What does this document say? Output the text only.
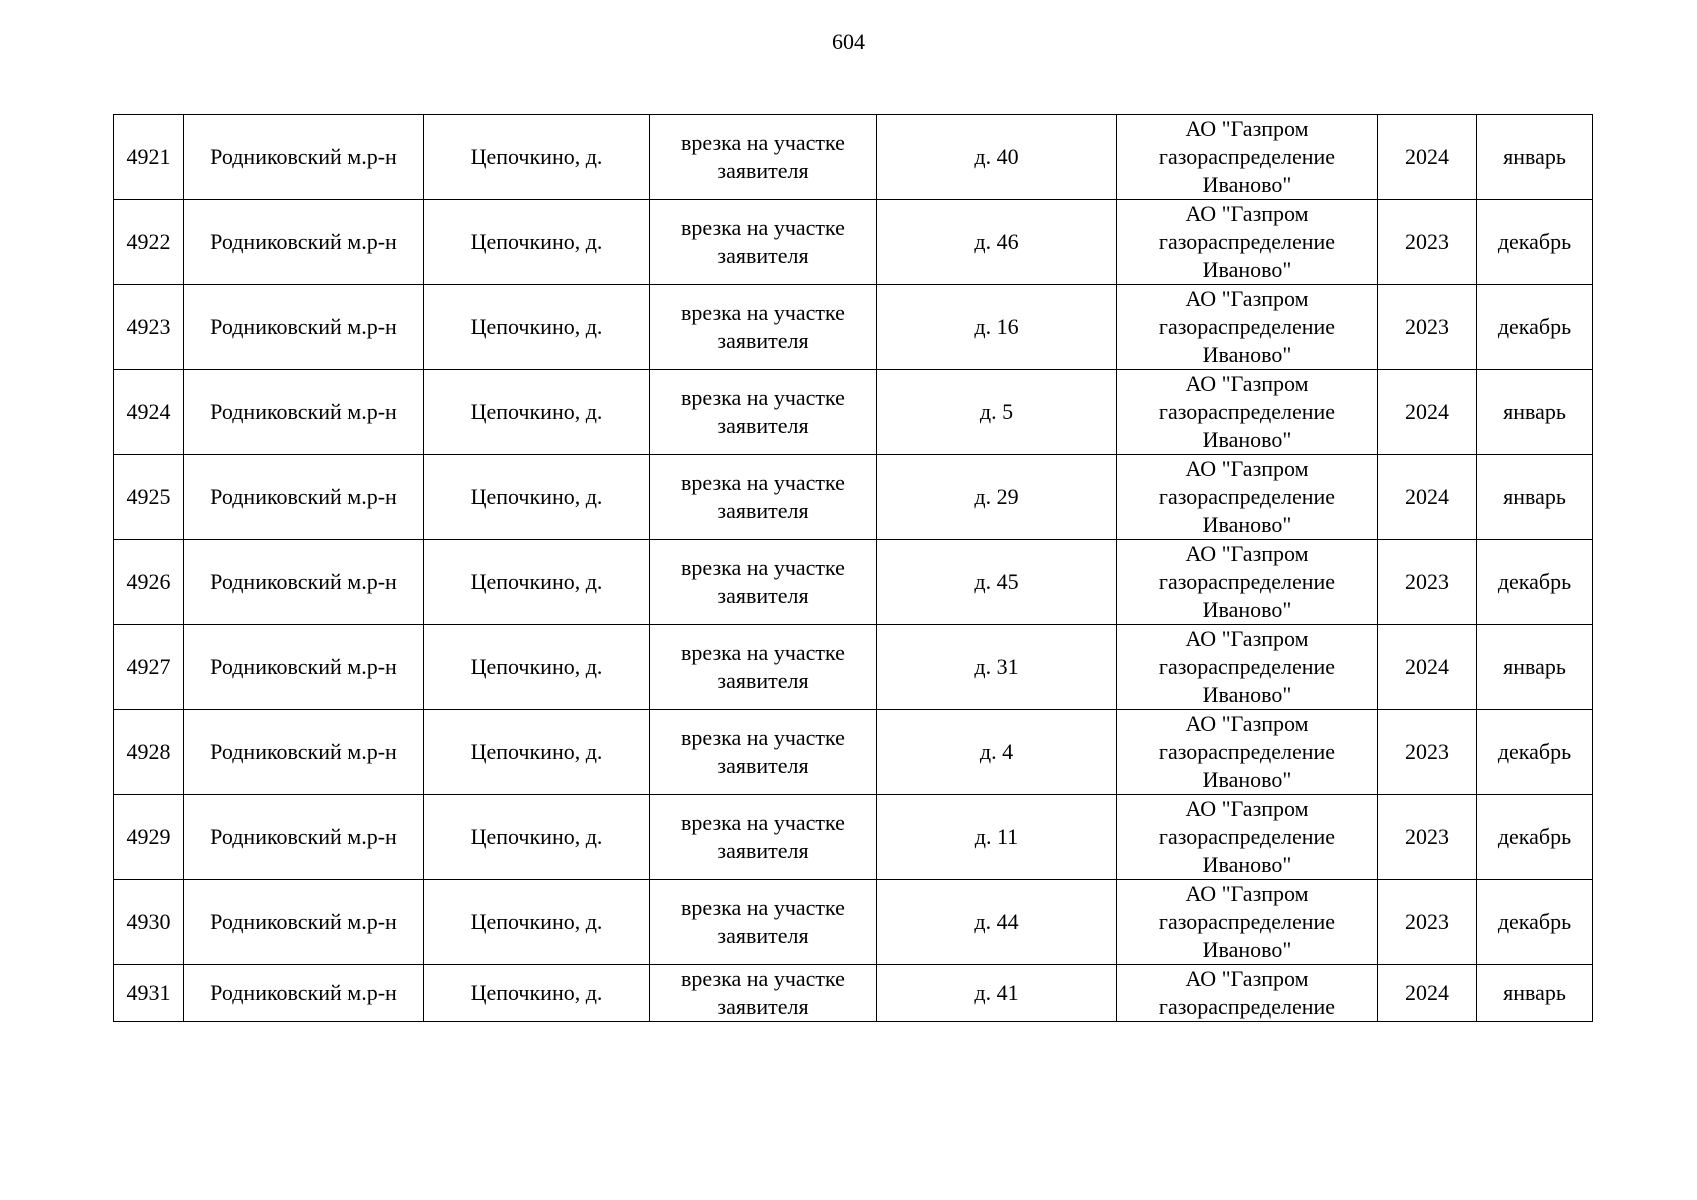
604
4921	Родниковский м.р-н	Цепочкино, д.	врезка на участке заявителя	д. 40	АО "Газпром газораспределение Иваново"	2024	январь
4922	Родниковский м.р-н	Цепочкино, д.	врезка на участке заявителя	д. 46	АО "Газпром газораспределение Иваново"	2023	декабрь
4923	Родниковский м.р-н	Цепочкино, д.	врезка на участке заявителя	д. 16	АО "Газпром газораспределение Иваново"	2023	декабрь
4924	Родниковский м.р-н	Цепочкино, д.	врезка на участке заявителя	д. 5	АО "Газпром газораспределение Иваново"	2024	январь
4925	Родниковский м.р-н	Цепочкино, д.	врезка на участке заявителя	д. 29	АО "Газпром газораспределение Иваново"	2024	январь
4926	Родниковский м.р-н	Цепочкино, д.	врезка на участке заявителя	д. 45	АО "Газпром газораспределение Иваново"	2023	декабрь
4927	Родниковский м.р-н	Цепочкино, д.	врезка на участке заявителя	д. 31	АО "Газпром газораспределение Иваново"	2024	январь
4928	Родниковский м.р-н	Цепочкино, д.	врезка на участке заявителя	д. 4	АО "Газпром газораспределение Иваново"	2023	декабрь
4929	Родниковский м.р-н	Цепочкино, д.	врезка на участке заявителя	д. 11	АО "Газпром газораспределение Иваново"	2023	декабрь
4930	Родниковский м.р-н	Цепочкино, д.	врезка на участке заявителя	д. 44	АО "Газпром газораспределение Иваново"	2023	декабрь
4931	Родниковский м.р-н	Цепочкино, д.	врезка на участке заявителя	д. 41	АО "Газпром газораспределение	2024	январь
